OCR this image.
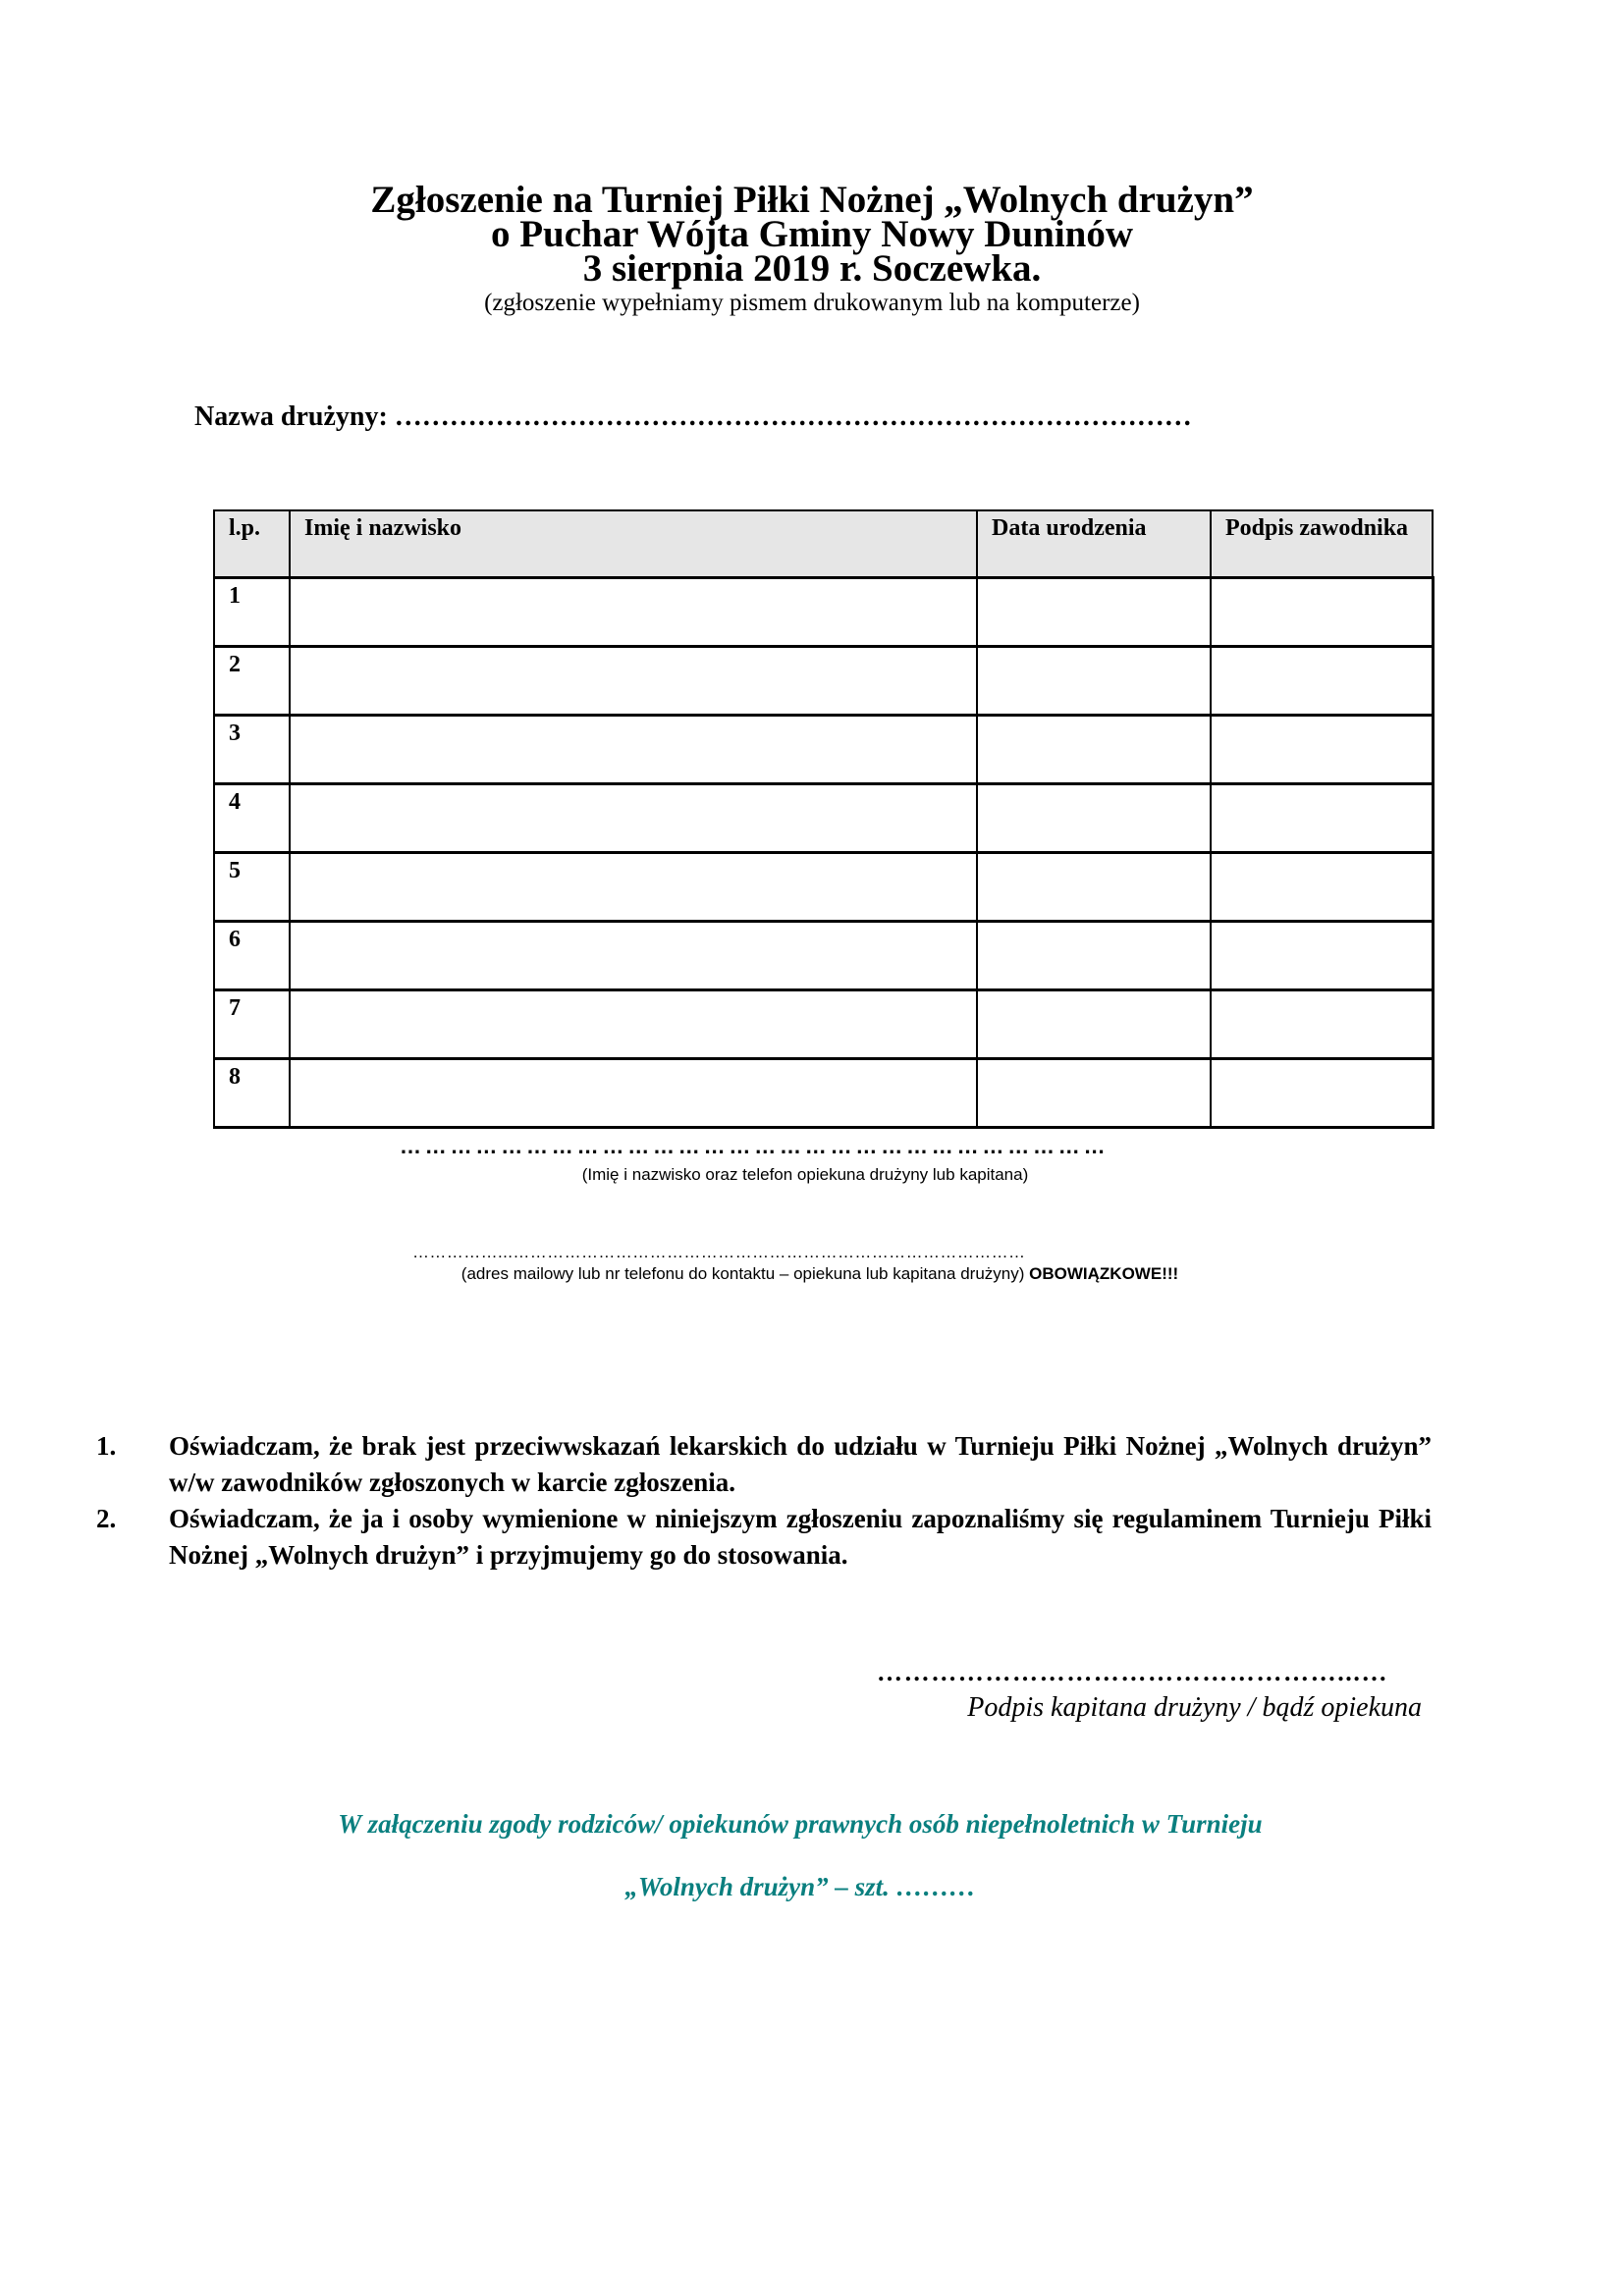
Zgłoszenie na Turniej Piłki Nożnej „Wolnych drużyn”
o Puchar Wójta Gminy Nowy Duninów
3 sierpnia 2019 r. Soczewka.
(zgłoszenie wypełniamy pismem drukowanym lub na komputerze)
Nazwa drużyny: ……………………………………………………………………………
l.p.	Imię i nazwisko	Data urodzenia	Podpis zawodnika
1			
2			
3			
4			
5			
6			
7			
8			
…………………………………………………………………………
(Imię i nazwisko oraz telefon opiekuna drużyny lub kapitana)
……………...………………………………………………………………………………
(adres mailowy lub nr telefonu do kontaktu – opiekuna lub kapitana drużyny) OBOWIĄZKOWE!!!
1. Oświadczam, że brak jest przeciwwskazań lekarskich do udziału w Turnieju Piłki Nożnej „Wolnych drużyn” w/w zawodników zgłoszonych w karcie zgłoszenia.
2. Oświadczam, że ja i osoby wymienione w niniejszym zgłoszeniu zapoznaliśmy się regulaminem Turnieju Piłki Nożnej „Wolnych drużyn” i przyjmujemy go do stosowania.
……………………………………………...…
Podpis kapitana drużyny / bądź opiekuna
W załączeniu zgody rodziców/ opiekunów prawnych osób niepełnoletnich w Turnieju
„Wolnych drużyn” – szt. ………
